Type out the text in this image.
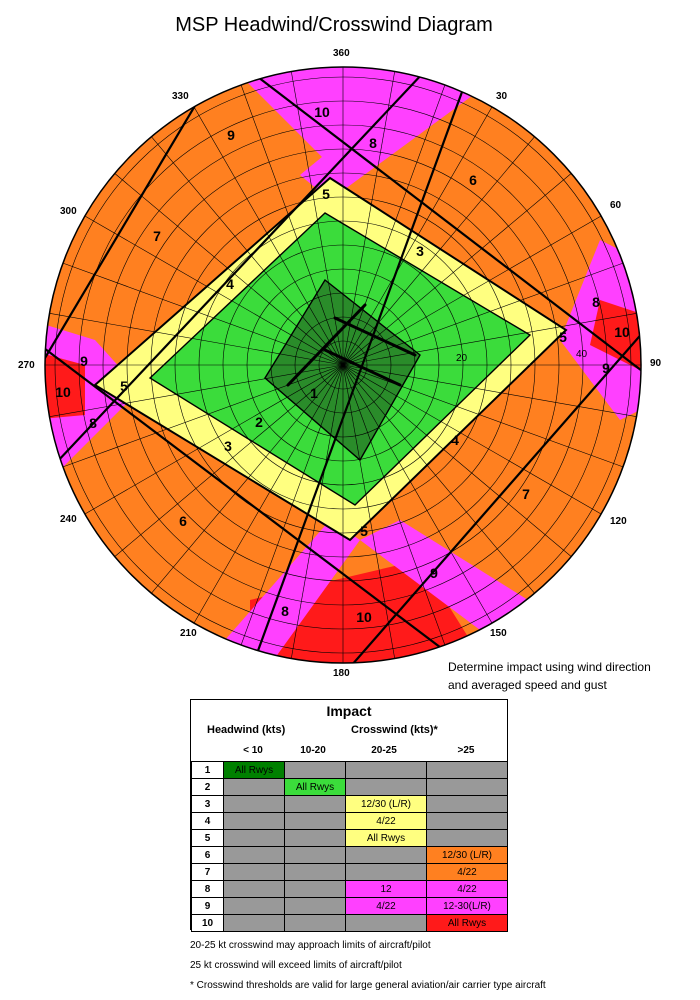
MSP Headwind/Crosswind Diagram
360
30
60
90
120
150
180
210
240
270
300
330
20	40
1
2
3
3
4
4
5
5
5
5
6
6
7
7
8
8
8
8
9
9
9
9
10
10
10
10
Determine impact using wind direction
and averaged speed and gust
Impact
Headwind (kts)	Crosswind (kts)*
< 10	10-20	20-25	>25
1	All Rwys			
2		All Rwys		
3			12/30 (L/R)	
4			4/22	
5			All Rwys	
6				12/30 (L/R)
7				4/22
8			12	4/22
9			4/22	12-30(L/R)
10				All Rwys
20-25 kt crosswind may approach limits of aircraft/pilot
25 kt crosswind will exceed limits of aircraft/pilot
* Crosswind thresholds are valid for large general aviation/air carrier type aircraft
